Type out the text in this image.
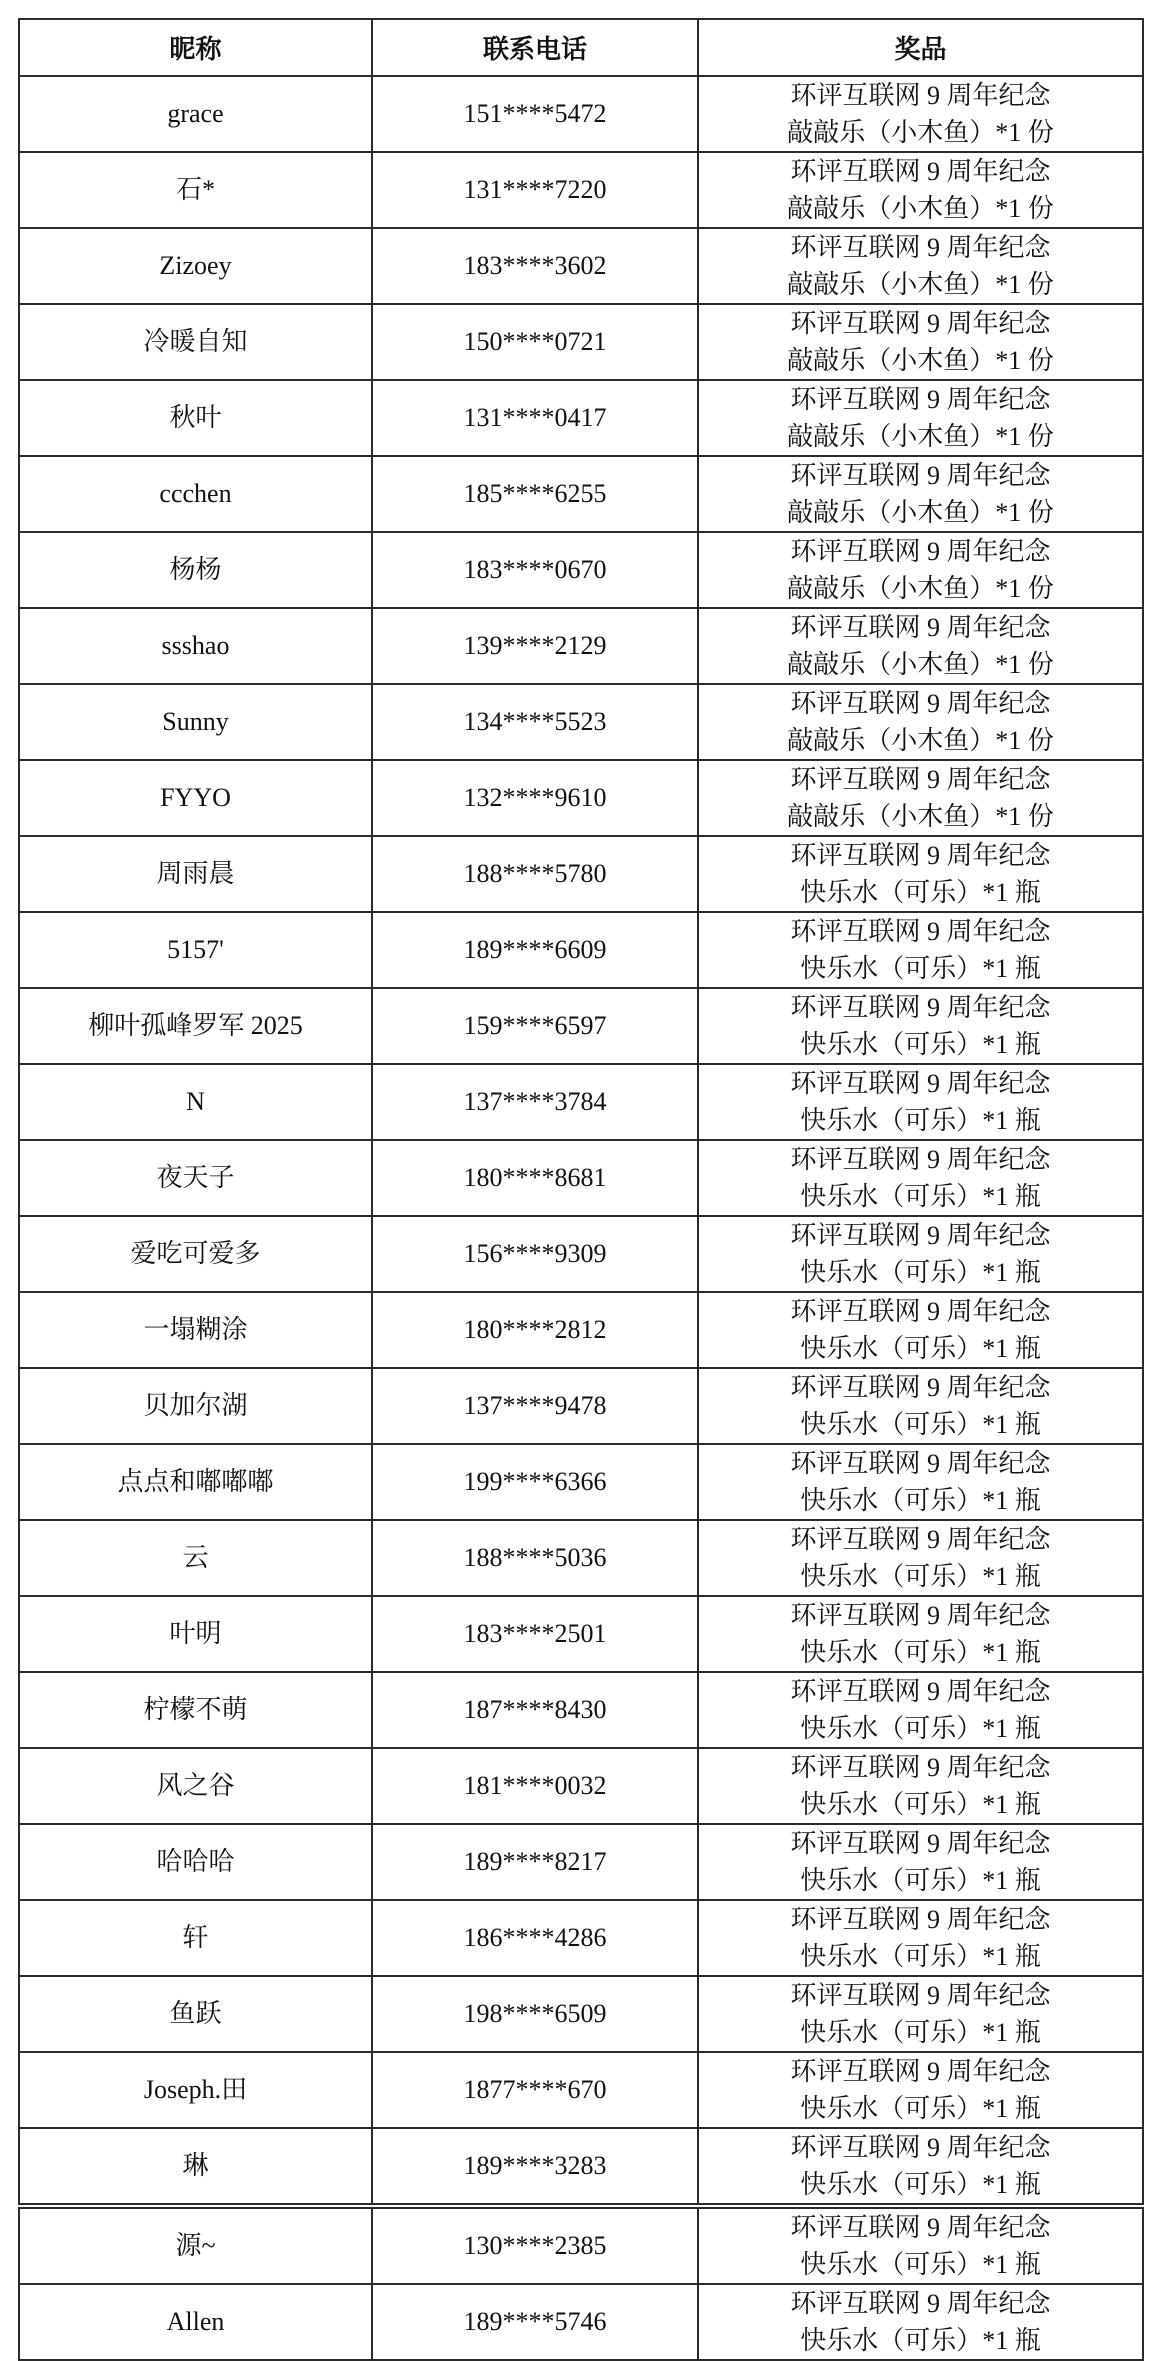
昵称	联系电话	奖品
grace	151****5472	环评互联网 9 周年纪念
敲敲乐（小木鱼）*1 份

石*	131****7220	环评互联网 9 周年纪念
敲敲乐（小木鱼）*1 份

Zizoey	183****3602	环评互联网 9 周年纪念
敲敲乐（小木鱼）*1 份

冷暖自知	150****0721	环评互联网 9 周年纪念
敲敲乐（小木鱼）*1 份

秋叶	131****0417	环评互联网 9 周年纪念
敲敲乐（小木鱼）*1 份

ccchen	185****6255	环评互联网 9 周年纪念
敲敲乐（小木鱼）*1 份

杨杨	183****0670	环评互联网 9 周年纪念
敲敲乐（小木鱼）*1 份

ssshao	139****2129	环评互联网 9 周年纪念
敲敲乐（小木鱼）*1 份

Sunny	134****5523	环评互联网 9 周年纪念
敲敲乐（小木鱼）*1 份

FYYO	132****9610	环评互联网 9 周年纪念
敲敲乐（小木鱼）*1 份

周雨晨	188****5780	环评互联网 9 周年纪念
快乐水（可乐）*1 瓶

5157'	189****6609	环评互联网 9 周年纪念
快乐水（可乐）*1 瓶

柳叶孤峰罗军 2025	159****6597	环评互联网 9 周年纪念
快乐水（可乐）*1 瓶

N	137****3784	环评互联网 9 周年纪念
快乐水（可乐）*1 瓶

夜天子	180****8681	环评互联网 9 周年纪念
快乐水（可乐）*1 瓶

爱吃可爱多	156****9309	环评互联网 9 周年纪念
快乐水（可乐）*1 瓶

一塌糊涂	180****2812	环评互联网 9 周年纪念
快乐水（可乐）*1 瓶

贝加尔湖	137****9478	环评互联网 9 周年纪念
快乐水（可乐）*1 瓶

点点和嘟嘟嘟	199****6366	环评互联网 9 周年纪念
快乐水（可乐）*1 瓶

云	188****5036	环评互联网 9 周年纪念
快乐水（可乐）*1 瓶

叶明	183****2501	环评互联网 9 周年纪念
快乐水（可乐）*1 瓶

柠檬不萌	187****8430	环评互联网 9 周年纪念
快乐水（可乐）*1 瓶

风之谷	181****0032	环评互联网 9 周年纪念
快乐水（可乐）*1 瓶

哈哈哈	189****8217	环评互联网 9 周年纪念
快乐水（可乐）*1 瓶

轩	186****4286	环评互联网 9 周年纪念
快乐水（可乐）*1 瓶

鱼跃	198****6509	环评互联网 9 周年纪念
快乐水（可乐）*1 瓶

Joseph.田	1877****670	环评互联网 9 周年纪念
快乐水（可乐）*1 瓶

琳	189****3283	环评互联网 9 周年纪念
快乐水（可乐）*1 瓶

源~	130****2385	环评互联网 9 周年纪念
快乐水（可乐）*1 瓶

Allen	189****5746	环评互联网 9 周年纪念
快乐水（可乐）*1 瓶
